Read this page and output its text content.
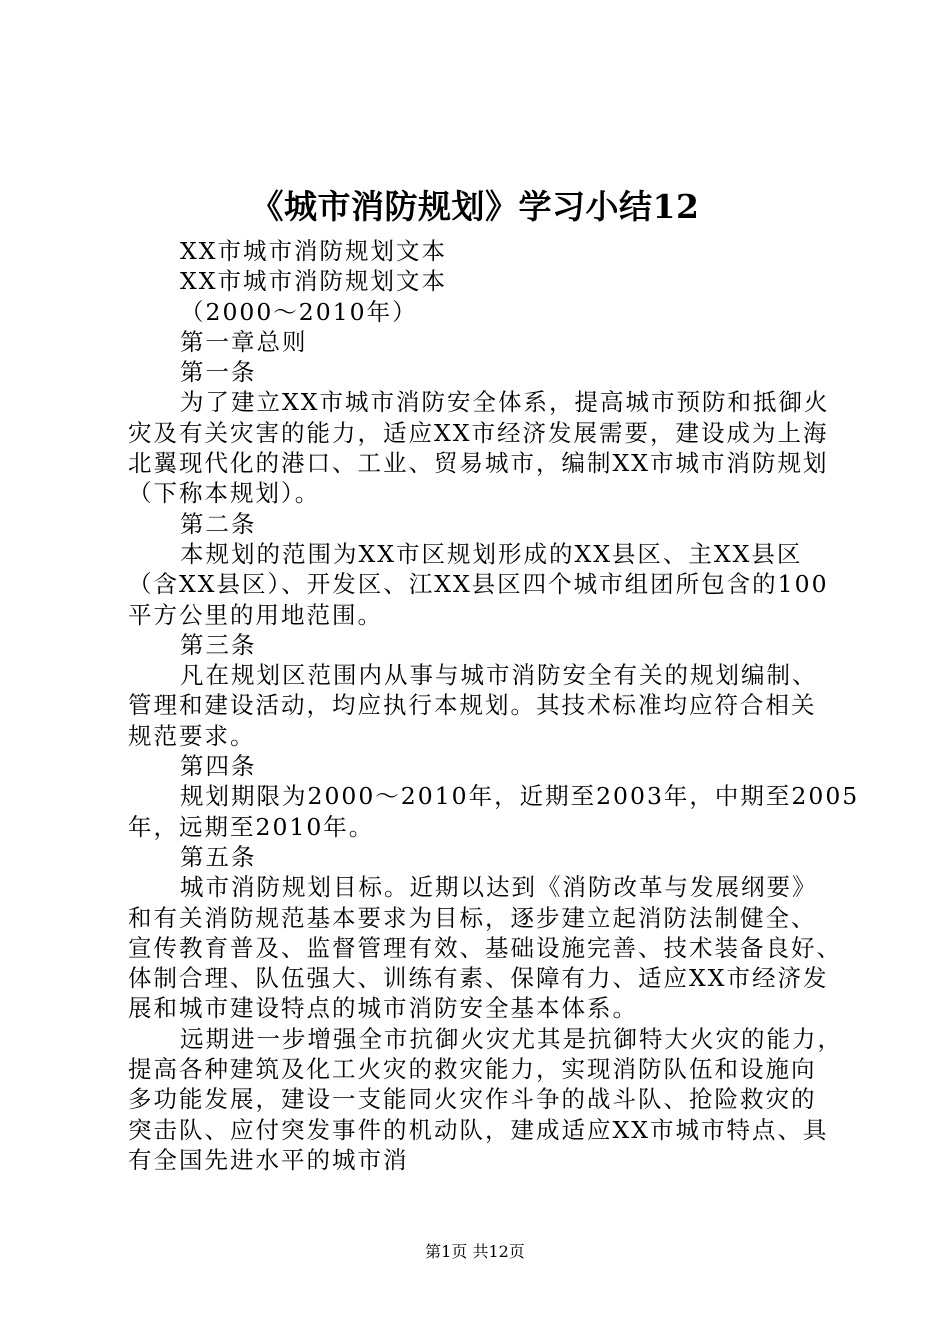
《城市消防规划》学习小结12
XX市城市消防规划文本
XX市城市消防规划文本
（2000～2010年）
第一章总则
第一条
为了建立XX市城市消防安全体系，提高城市预防和抵御火
灾及有关灾害的能力，适应XX市经济发展需要，建设成为上海
北翼现代化的港口、工业、贸易城市，编制XX市城市消防规划
（下称本规划）。
第二条
本规划的范围为XX市区规划形成的XX县区、主XX县区
（含XX县区）、开发区、江XX县区四个城市组团所包含的100
平方公里的用地范围。
第三条
凡在规划区范围内从事与城市消防安全有关的规划编制、
管理和建设活动，均应执行本规划。其技术标准均应符合相关
规范要求。
第四条
规划期限为2000～2010年，近期至2003年，中期至2005
年，远期至2010年。
第五条
城市消防规划目标。近期以达到《消防改革与发展纲要》
和有关消防规范基本要求为目标，逐步建立起消防法制健全、
宣传教育普及、监督管理有效、基础设施完善、技术装备良好、
体制合理、队伍强大、训练有素、保障有力、适应XX市经济发
展和城市建设特点的城市消防安全基本体系。
远期进一步增强全市抗御火灾尤其是抗御特大火灾的能力，
提高各种建筑及化工火灾的救灾能力，实现消防队伍和设施向
多功能发展，建设一支能同火灾作斗争的战斗队、抢险救灾的
突击队、应付突发事件的机动队，建成适应XX市城市特点、具
有全国先进水平的城市消
第1页 共12页
